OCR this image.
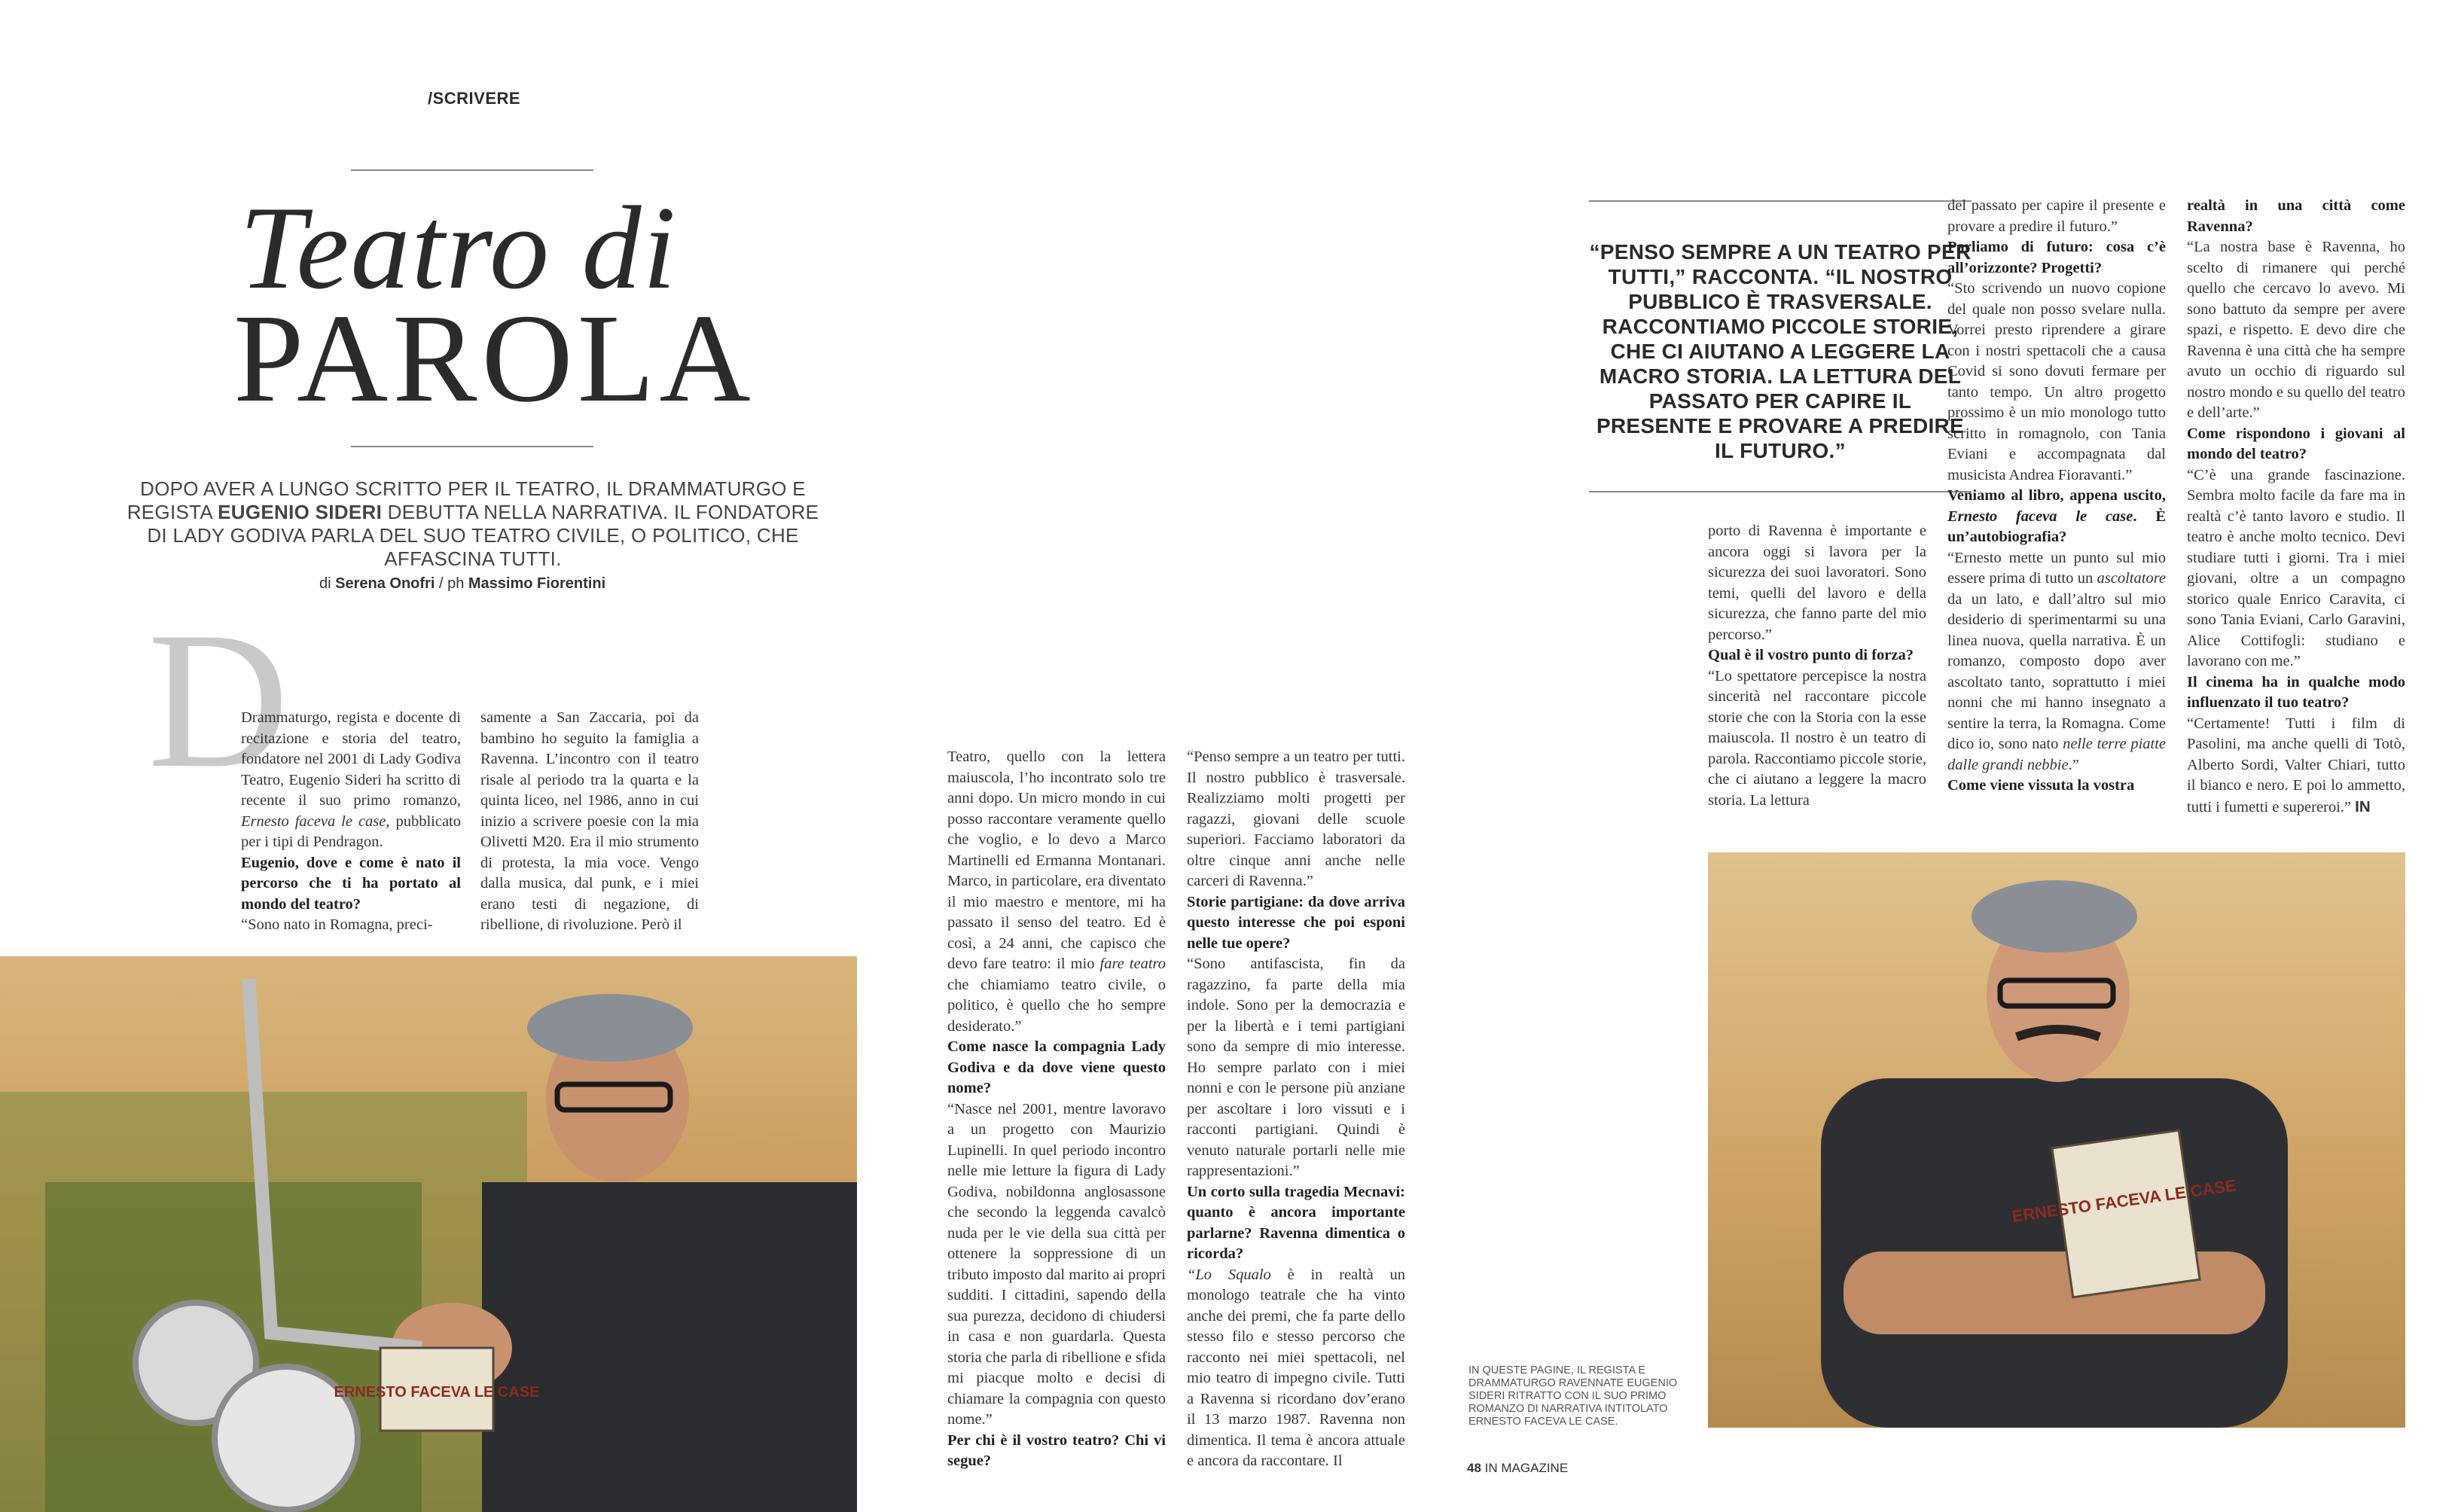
/SCRIVERE
Teatro di
PAROLA
DOPO AVER A LUNGO SCRITTO PER IL TEATRO, IL DRAMMATURGO E REGISTA EUGENIO SIDERI DEBUTTA NELLA NARRATIVA. IL FONDATORE DI LADY GODIVA PARLA DEL SUO TEATRO CIVILE, O POLITICO, CHE AFFASCINA TUTTI.
di Serena Onofri / ph Massimo Fiorentini
D

Drammaturgo, regista e docente di recitazione e storia del teatro, fondatore nel 2001 di Lady Godiva Teatro, Eugenio Sideri ha scritto di recente il suo primo romanzo, Ernesto faceva le case, pubblicato per i tipi di Pendragon.

Eugenio, dove e come è nato il percorso che ti ha portato al mondo del teatro?

“Sono nato in Romagna, preci-

samente a San Zaccaria, poi da bambino ho seguito la famiglia a Ravenna. L’incontro con il teatro risale al periodo tra la quarta e la quinta liceo, nel 1986, anno in cui inizio a scrivere poesie con la mia Olivetti M20. Era il mio strumento di protesta, la mia voce. Vengo dalla musica, dal punk, e i miei erano testi di negazione, di ribellione, di rivoluzione. Però il

ERNESTO FACEVA LE CASE

Teatro, quello con la lettera maiuscola, l’ho incontrato solo tre anni dopo. Un micro mondo in cui posso raccontare veramente quello che voglio, e lo devo a Marco Martinelli ed Ermanna Montanari. Marco, in particolare, era diventato il mio maestro e mentore, mi ha passato il senso del teatro. Ed è così, a 24 anni, che capisco che devo fare teatro: il mio fare teatro che chiamiamo teatro civile, o politico, è quello che ho sempre desiderato.”

Come nasce la compagnia Lady Godiva e da dove viene questo nome?

“Nasce nel 2001, mentre lavoravo a un progetto con Maurizio Lupinelli. In quel periodo incontro nelle mie letture la figura di Lady Godiva, nobildonna anglosassone che secondo la leggenda cavalcò nuda per le vie della sua città per ottenere la soppressione di un tributo imposto dal marito ai propri sudditi. I cittadini, sapendo della sua purezza, decidono di chiudersi in casa e non guardarla. Questa storia che parla di ribellione e sfida mi piacque molto e decisi di chiamare la compagnia con questo nome.”

Per chi è il vostro teatro? Chi vi segue?

“Penso sempre a un teatro per tutti. Il nostro pubblico è trasversale. Realizziamo molti progetti per ragazzi, giovani delle scuole superiori. Facciamo laboratori da oltre cinque anni anche nelle carceri di Ravenna.”

Storie partigiane: da dove arriva questo interesse che poi esponi nelle tue opere?

“Sono antifascista, fin da ragazzino, fa parte della mia indole. Sono per la democrazia e per la libertà e i temi partigiani sono da sempre di mio interesse. Ho sempre parlato con i miei nonni e con le persone più anziane per ascoltare i loro vissuti e i racconti partigiani. Quindi è venuto naturale portarli nelle mie rappresentazioni.”

Un corto sulla tragedia Mecnavi: quanto è ancora importante parlarne? Ravenna dimentica o ricorda?

“Lo Squalo è in realtà un monologo teatrale che ha vinto anche dei premi, che fa parte dello stesso filo e stesso percorso che racconto nei miei spettacoli, nel mio teatro di impegno civile. Tutti a Ravenna si ricordano dov’erano il 13 marzo 1987. Ravenna non dimentica. Il tema è ancora attuale e ancora da raccontare. Il

IN QUESTE PAGINE, IL REGISTA E DRAMMATURGO RAVENNATE EUGENIO SIDERI RITRATTO CON IL SUO PRIMO ROMANZO DI NARRATIVA INTITOLATO ERNESTO FACEVA LE CASE.
48 IN MAGAZINE
“PENSO SEMPRE A UN TEATRO PER TUTTI,” RACCONTA. “IL NOSTRO PUBBLICO È TRASVERSALE. RACCONTIAMO PICCOLE STORIE, CHE CI AIUTANO A LEGGERE LA MACRO STORIA. LA LETTURA DEL PASSATO PER CAPIRE IL PRESENTE E PROVARE A PREDIRE IL FUTURO.”

porto di Ravenna è importante e ancora oggi si lavora per la sicurezza dei suoi lavoratori. Sono temi, quelli del lavoro e della sicurezza, che fanno parte del mio percorso.”

Qual è il vostro punto di forza?

“Lo spettatore percepisce la nostra sincerità nel raccontare piccole storie che con la Storia con la esse maiuscola. Il nostro è un teatro di parola. Raccontiamo piccole storie, che ci aiutano a leggere la macro storia. La lettura

del passato per capire il presente e provare a predire il futuro.”

Parliamo di futuro: cosa c’è all’orizzonte? Progetti?

“Sto scrivendo un nuovo copione del quale non posso svelare nulla. Vorrei presto riprendere a girare con i nostri spettacoli che a causa Covid si sono dovuti fermare per tanto tempo. Un altro progetto prossimo è un mio monologo tutto scritto in romagnolo, con Tania Eviani e accompagnata dal musicista Andrea Fioravanti.”

Veniamo al libro, appena uscito, Ernesto faceva le case. È un’autobiografia?

“Ernesto mette un punto sul mio essere prima di tutto un ascoltatore da un lato, e dall’altro sul mio desiderio di sperimentarmi su una linea nuova, quella narrativa. È un romanzo, composto dopo aver ascoltato tanto, soprattutto i miei nonni che mi hanno insegnato a sentire la terra, la Romagna. Come dico io, sono nato nelle terre piatte dalle grandi nebbie.”

Come viene vissuta la vostra

realtà in una città come Ravenna?

“La nostra base è Ravenna, ho scelto di rimanere qui perché quello che cercavo lo avevo. Mi sono battuto da sempre per avere spazi, e rispetto. E devo dire che Ravenna è una città che ha sempre avuto un occhio di riguardo sul nostro mondo e su quello del teatro e dell’arte.”

Come rispondono i giovani al mondo del teatro?

“C’è una grande fascinazione. Sembra molto facile da fare ma in realtà c’è tanto lavoro e studio. Il teatro è anche molto tecnico. Devi studiare tutti i giorni. Tra i miei giovani, oltre a un compagno storico quale Enrico Caravita, ci sono Tania Eviani, Carlo Garavini, Alice Cottifogli: studiano e lavorano con me.”

Il cinema ha in qualche modo influenzato il tuo teatro?

“Certamente! Tutti i film di Pasolini, ma anche quelli di Totò, Alberto Sordi, Valter Chiari, tutto il bianco e nero. E poi lo ammetto, tutti i fumetti e supereroi.” IN

ERNESTO FACEVA LE CASE
